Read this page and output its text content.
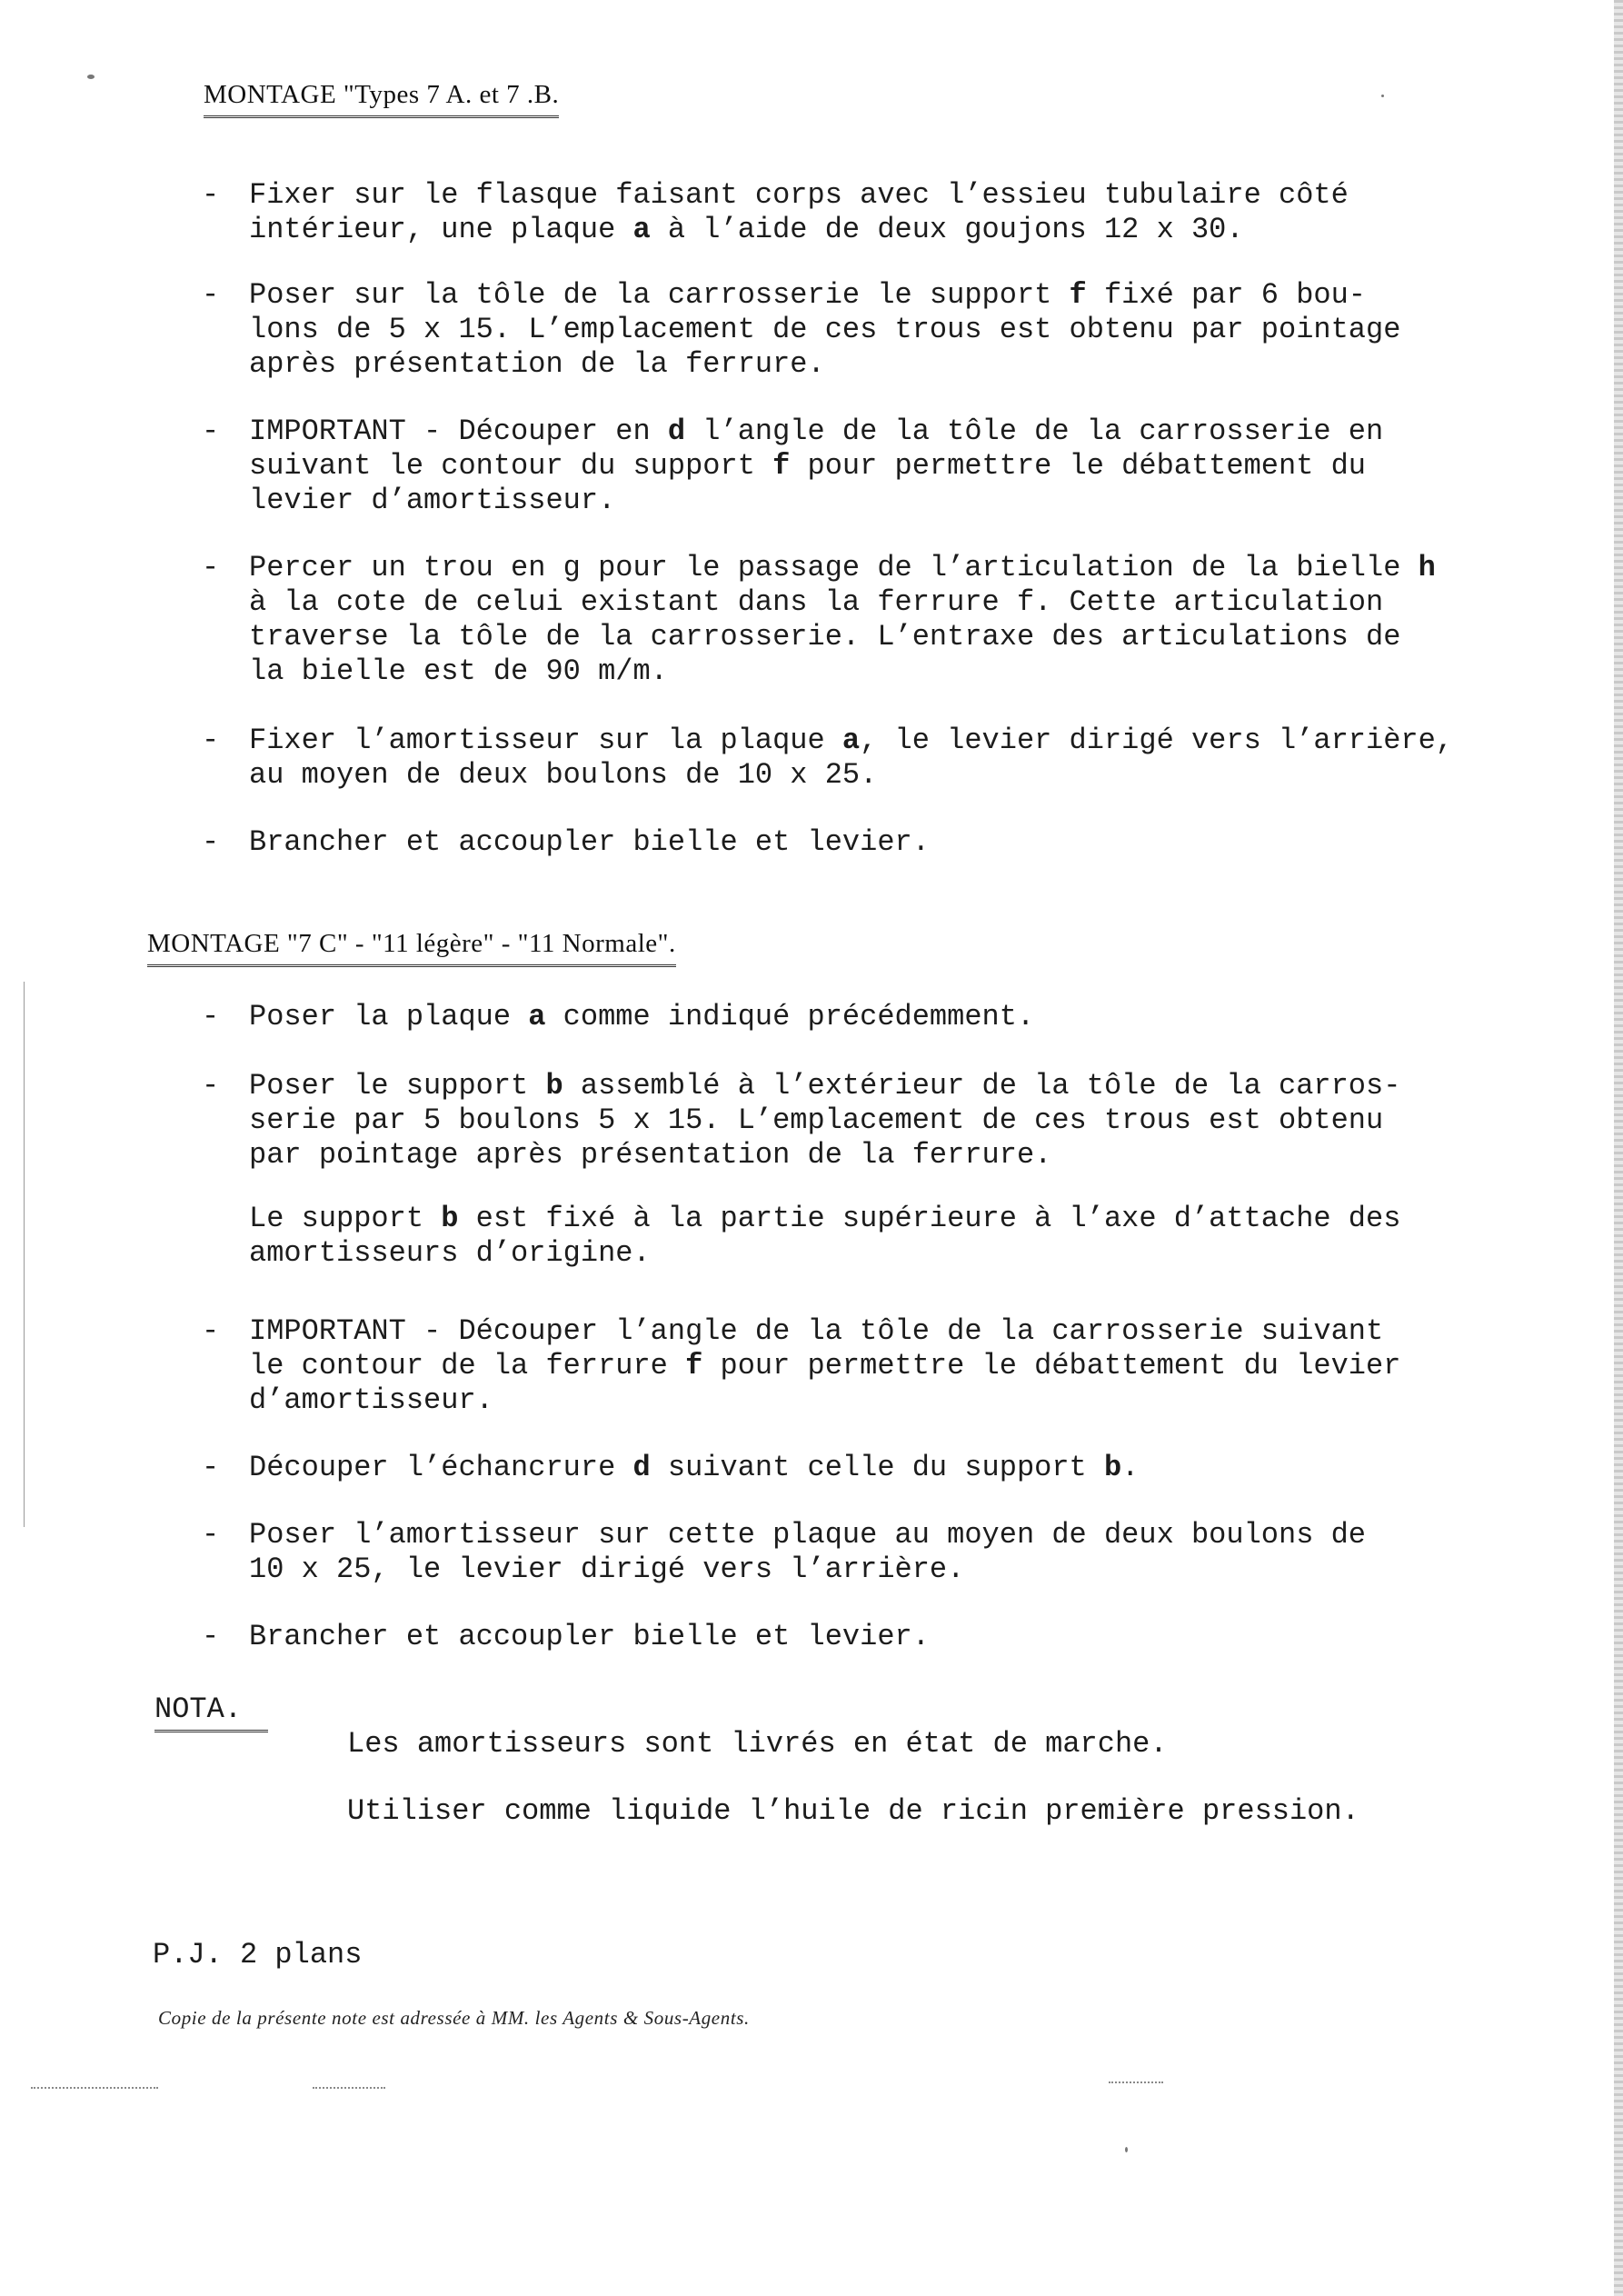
MONTAGE "Types 7 A. et 7 .B.
- Fixer sur le flasque faisant corps avec l’essieu tubulaire côté
intérieur, une plaque a à l’aide de deux goujons 12 x 30.
- Poser sur la tôle de la carrosserie le support f fixé par 6 bou-
lons de 5 x 15. L’emplacement de ces trous est obtenu par pointage
après présentation de la ferrure.
- IMPORTANT - Découper en d l’angle de la tôle de la carrosserie en
suivant le contour du support f pour permettre le débattement du
levier d’amortisseur.
- Percer un trou en g pour le passage de l’articulation de la bielle h
à la cote de celui existant dans la ferrure f. Cette articulation
traverse la tôle de la carrosserie. L’entraxe des articulations de
la bielle est de 90 m/m.
- Fixer l’amortisseur sur la plaque a, le levier dirigé vers l’arrière,
au moyen de deux boulons de 10 x 25.
- Brancher et accoupler bielle et levier.
MONTAGE "7 C" - "11 légère" - "11 Normale".
- Poser la plaque a comme indiqué précédemment.
- Poser le support b assemblé à l’extérieur de la tôle de la carros-
serie par 5 boulons 5 x 15. L’emplacement de ces trous est obtenu
par pointage après présentation de la ferrure.
- IMPORTANT - Découper l’angle de la tôle de la carrosserie suivant
le contour de la ferrure f pour permettre le débattement du levier
d’amortisseur.
- Découper l’échancrure d suivant celle du support b.
- Poser l’amortisseur sur cette plaque au moyen de deux boulons de
10 x 25, le levier dirigé vers l’arrière.
- Brancher et accoupler bielle et levier.
Le support b est fixé à la partie supérieure à l’axe d’attache des
amortisseurs d’origine.
NOTA.
Les amortisseurs sont livrés en état de marche.
Utiliser comme liquide l’huile de ricin première pression.
P.J. 2 plans
Copie de la présente note est adressée à MM. les Agents & Sous-Agents.
